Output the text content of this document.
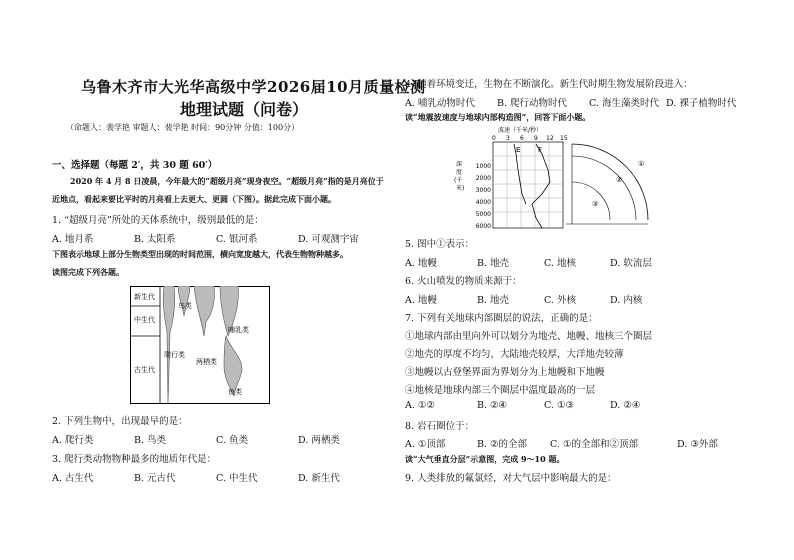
乌鲁木齐市大光华高级中学2026届10月质量检测
地理试题（问卷）
（命题人：裴学艳 审题人：裴学艳 时间：90分钟 分值：100分）
一、选择题（每题 2′，共 30 题 60′）
2020 年 4 月 8 日凌晨，今年最大的“超级月亮”现身夜空。“超级月亮”指的是月亮位于
近地点，看起来要比平时的月亮看上去更大、更圆（下图）。据此完成下面小题。
1. “超级月亮”所处的天体系统中，级别最低的是：
A. 地月系	B. 太阳系	C. 银河系	D. 可观测宇宙
下图表示地球上部分生物类型出现的时间范围，横向宽度越大，代表生物物种越多。
读图完成下列各题。
新生代
中生代
古生代
鸟类
哺乳类
爬行类
两栖类
鱼类
2. 下列生物中，出现最早的是：
A. 爬行类	B. 鸟类	C. 鱼类	D. 两栖类
3. 爬行类动物物种最多的地质年代是：
A. 古生代	B. 元古代	C. 中生代	D. 新生代
4. 随着环境变迁，生物在不断演化。新生代时期生物发展阶段进入：
A. 哺乳动物时代 B. 爬行动物时代 C. 海生藻类时代 D. 裸子植物时代
读“地震波速度与地球内部构造图”，回答下面小题。
波速（千米/秒）
0 3 6 9 12 15
1000
2000
3000
4000
5000
6000
深
度
(千
米)
E	F
①
②
③
5. 图中①表示：
A. 地幔	B. 地壳	C. 地核	D. 软流层
6. 火山喷发的物质来源于：
A. 地幔	B. 地壳	C. 外核	D. 内核
7. 下列有关地球内部圈层的说法，正确的是：
①地球内部由里向外可以划分为地壳、地幔、地核三个圈层
②地壳的厚度不均匀，大陆地壳较厚，大洋地壳较薄
③地幔以古登堡界面为界划分为上地幔和下地幔
④地核是地球内部三个圈层中温度最高的一层
A. ①②	B. ②④	C. ①③	D. ②④
8. 岩石圈位于：
A. ①顶部	B. ②的全部 C. ①的全部和②顶部	D. ③外部
读“大气垂直分层”示意图，完成 9～10 题。
9. 人类排放的氟氯烃，对大气层中影响最大的是：
